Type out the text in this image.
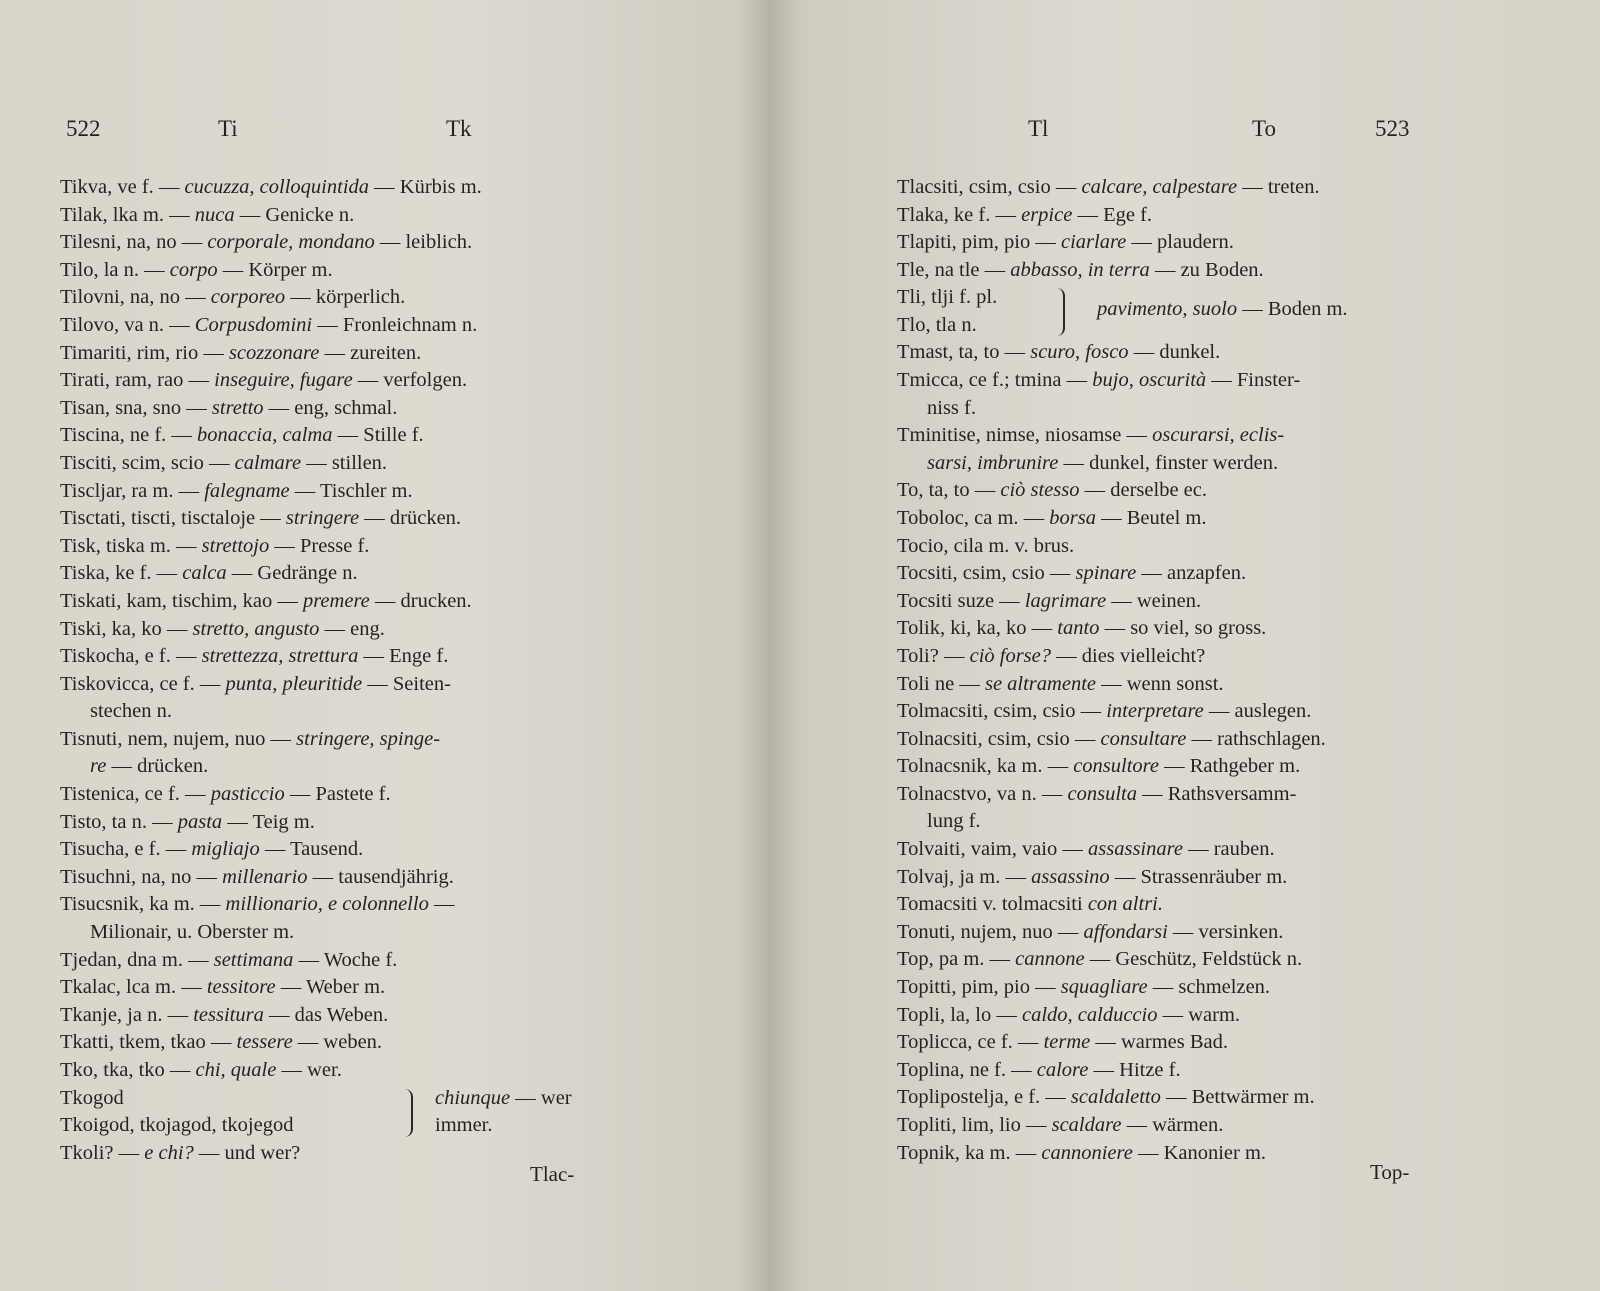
522	Ti	Tk
Tikva, ve f. — cucuzza, colloquintida — Kürbis m.
Tilak, lka m. — nuca — Genicke n.
Tilesni, na, no — corporale, mondano — leiblich.
Tilo, la n. — corpo — Körper m.
Tilovni, na, no — corporeo — körperlich.
Tilovo, va n. — Corpusdomini — Fronleichnam n.
Timariti, rim, rio — scozzonare — zureiten.
Tirati, ram, rao — inseguire, fugare — verfolgen.
Tisan, sna, sno — stretto — eng, schmal.
Tiscina, ne f. — bonaccia, calma — Stille f.
Tisciti, scim, scio — calmare — stillen.
Tiscljar, ra m. — falegname — Tischler m.
Tisctati, tiscti, tisctaloje — stringere — drücken.
Tisk, tiska m. — strettojo — Presse f.
Tiska, ke f. — calca — Gedränge n.
Tiskati, kam, tischim, kao — premere — drucken.
Tiski, ka, ko — stretto, angusto — eng.
Tiskocha, e f. — strettezza, strettura — Enge f.
Tiskovicca, ce f. — punta, pleuritide — Seiten-
stechen n.
Tisnuti, nem, nujem, nuo — stringere, spinge-
re — drücken.
Tistenica, ce f. — pasticcio — Pastete f.
Tisto, ta n. — pasta — Teig m.
Tisucha, e f. — migliajo — Tausend.
Tisuchni, na, no — millenario — tausendjährig.
Tisucsnik, ka m. — millionario, e colonnello —
Milionair, u. Oberster m.
Tjedan, dna m. — settimana — Woche f.
Tkalac, lca m. — tessitore — Weber m.
Tkanje, ja n. — tessitura — das Weben.
Tkatti, tkem, tkao — tessere — weben.
Tko, tka, tko — chi, quale — wer.
Tkogod
Tkoigod, tkojagod, tkojegod
chiunque — wer
immer.
Tkoli? — e chi? — und wer?
Tlac-
Tl	To	523
Tlacsiti, csim, csio — calcare, calpestare — treten.
Tlaka, ke f. — erpice — Ege f.
Tlapiti, pim, pio — ciarlare — plaudern.
Tle, na tle — abbasso, in terra — zu Boden.
Tli, tlji f. pl.
Tlo, tla n.
pavimento, suolo — Boden m.
Tmast, ta, to — scuro, fosco — dunkel.
Tmicca, ce f.; tmina — bujo, oscurità — Finster-
niss f.
Tminitise, nimse, niosamse — oscurarsi, eclis-
sarsi, imbrunire — dunkel, finster werden.
To, ta, to — ciò stesso — derselbe ec.
Toboloc, ca m. — borsa — Beutel m.
Tocio, cila m. v. brus.
Tocsiti, csim, csio — spinare — anzapfen.
Tocsiti suze — lagrimare — weinen.
Tolik, ki, ka, ko — tanto — so viel, so gross.
Toli? — ciò forse? — dies vielleicht?
Toli ne — se altramente — wenn sonst.
Tolmacsiti, csim, csio — interpretare — auslegen.
Tolnacsiti, csim, csio — consultare — rathschlagen.
Tolnacsnik, ka m. — consultore — Rathgeber m.
Tolnacstvo, va n. — consulta — Rathsversamm-
lung f.
Tolvaiti, vaim, vaio — assassinare — rauben.
Tolvaj, ja m. — assassino — Strassenräuber m.
Tomacsiti v. tolmacsiti con altri.
Tonuti, nujem, nuo — affondarsi — versinken.
Top, pa m. — cannone — Geschütz, Feldstück n.
Topitti, pim, pio — squagliare — schmelzen.
Topli, la, lo — caldo, calduccio — warm.
Toplicca, ce f. — terme — warmes Bad.
Toplina, ne f. — calore — Hitze f.
Toplipostelja, e f. — scaldaletto — Bettwärmer m.
Topliti, lim, lio — scaldare — wärmen.
Topnik, ka m. — cannoniere — Kanonier m.
Top-
